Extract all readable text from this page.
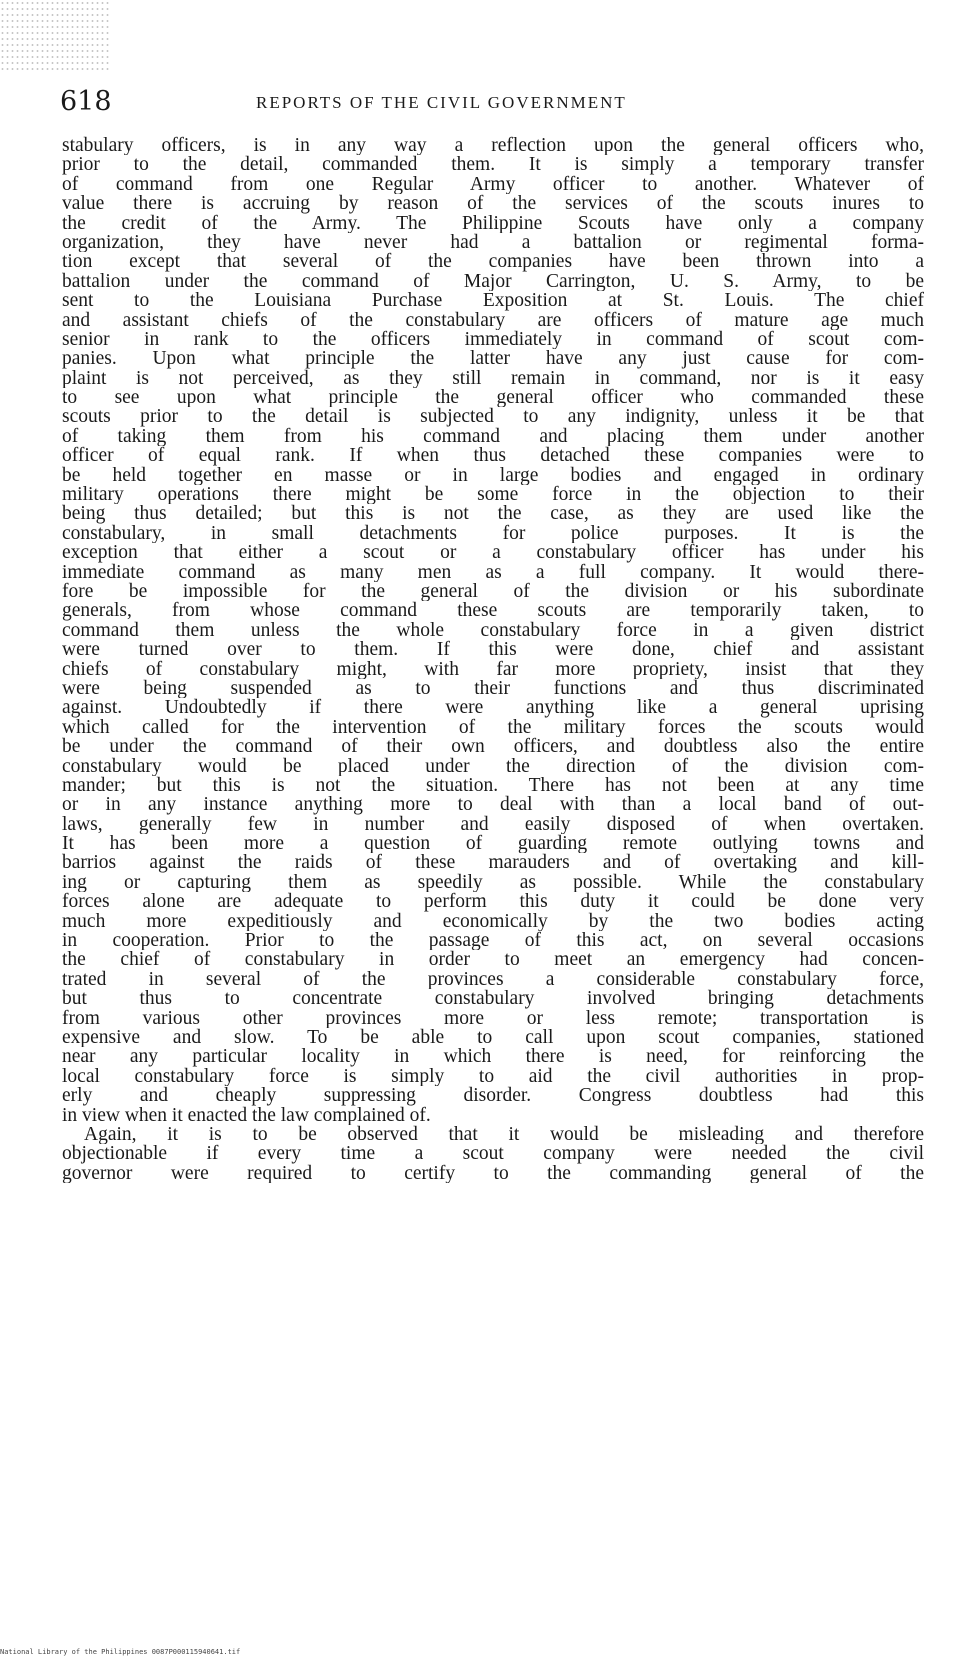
618	REPORTS OF THE CIVIL GOVERNMENT
stabulary officers, is in any way a reflection upon the general officers who,
prior to the detail, commanded them. It is simply a temporary transfer
of command from one Regular Army officer to another. Whatever of
value there is accruing by reason of the services of the scouts inures to
the credit of the Army. The Philippine Scouts have only a company
organization, they have never had a battalion or regimental forma-
tion except that several of the companies have been thrown into a
battalion under the command of Major Carrington, U. S. Army, to be
sent to the Louisiana Purchase Exposition at St. Louis. The chief
and assistant chiefs of the constabulary are officers of mature age much
senior in rank to the officers immediately in command of scout com-
panies. Upon what principle the latter have any just cause for com-
plaint is not perceived, as they still remain in command, nor is it easy
to see upon what principle the general officer who commanded these
scouts prior to the detail is subjected to any indignity, unless it be that
of taking them from his command and placing them under another
officer of equal rank. If when thus detached these companies were to
be held together en masse or in large bodies and engaged in ordinary
military operations there might be some force in the objection to their
being thus detailed; but this is not the case, as they are used like the
constabulary, in small detachments for police purposes. It is the
exception that either a scout or a constabulary officer has under his
immediate command as many men as a full company. It would there-
fore be impossible for the general of the division or his subordinate
generals, from whose command these scouts are temporarily taken, to
command them unless the whole constabulary force in a given district
were turned over to them. If this were done, chief and assistant
chiefs of constabulary might, with far more propriety, insist that they
were being suspended as to their functions and thus discriminated
against. Undoubtedly if there were anything like a general uprising
which called for the intervention of the military forces the scouts would
be under the command of their own officers, and doubtless also the entire
constabulary would be placed under the direction of the division com-
mander; but this is not the situation. There has not been at any time
or in any instance anything more to deal with than a local band of out-
laws, generally few in number and easily disposed of when overtaken.
It has been more a question of guarding remote outlying towns and
barrios against the raids of these marauders and of overtaking and kill-
ing or capturing them as speedily as possible. While the constabulary
forces alone are adequate to perform this duty it could be done very
much more expeditiously and economically by the two bodies acting
in cooperation. Prior to the passage of this act, on several occasions
the chief of constabulary in order to meet an emergency had concen-
trated in several of the provinces a considerable constabulary force,
but thus to concentrate constabulary involved bringing detachments
from various other provinces more or less remote; transportation is
expensive and slow. To be able to call upon scout companies, stationed
near any particular locality in which there is need, for reinforcing the
local constabulary force is simply to aid the civil authorities in prop-
erly and cheaply suppressing disorder. Congress doubtless had this
in view when it enacted the law complained of.
Again, it is to be observed that it would be misleading and therefore
objectionable if every time a scout company were needed the civil
governor were required to certify to the commanding general of the
National Library of the Philippines 0087P0001159406​41.tif
